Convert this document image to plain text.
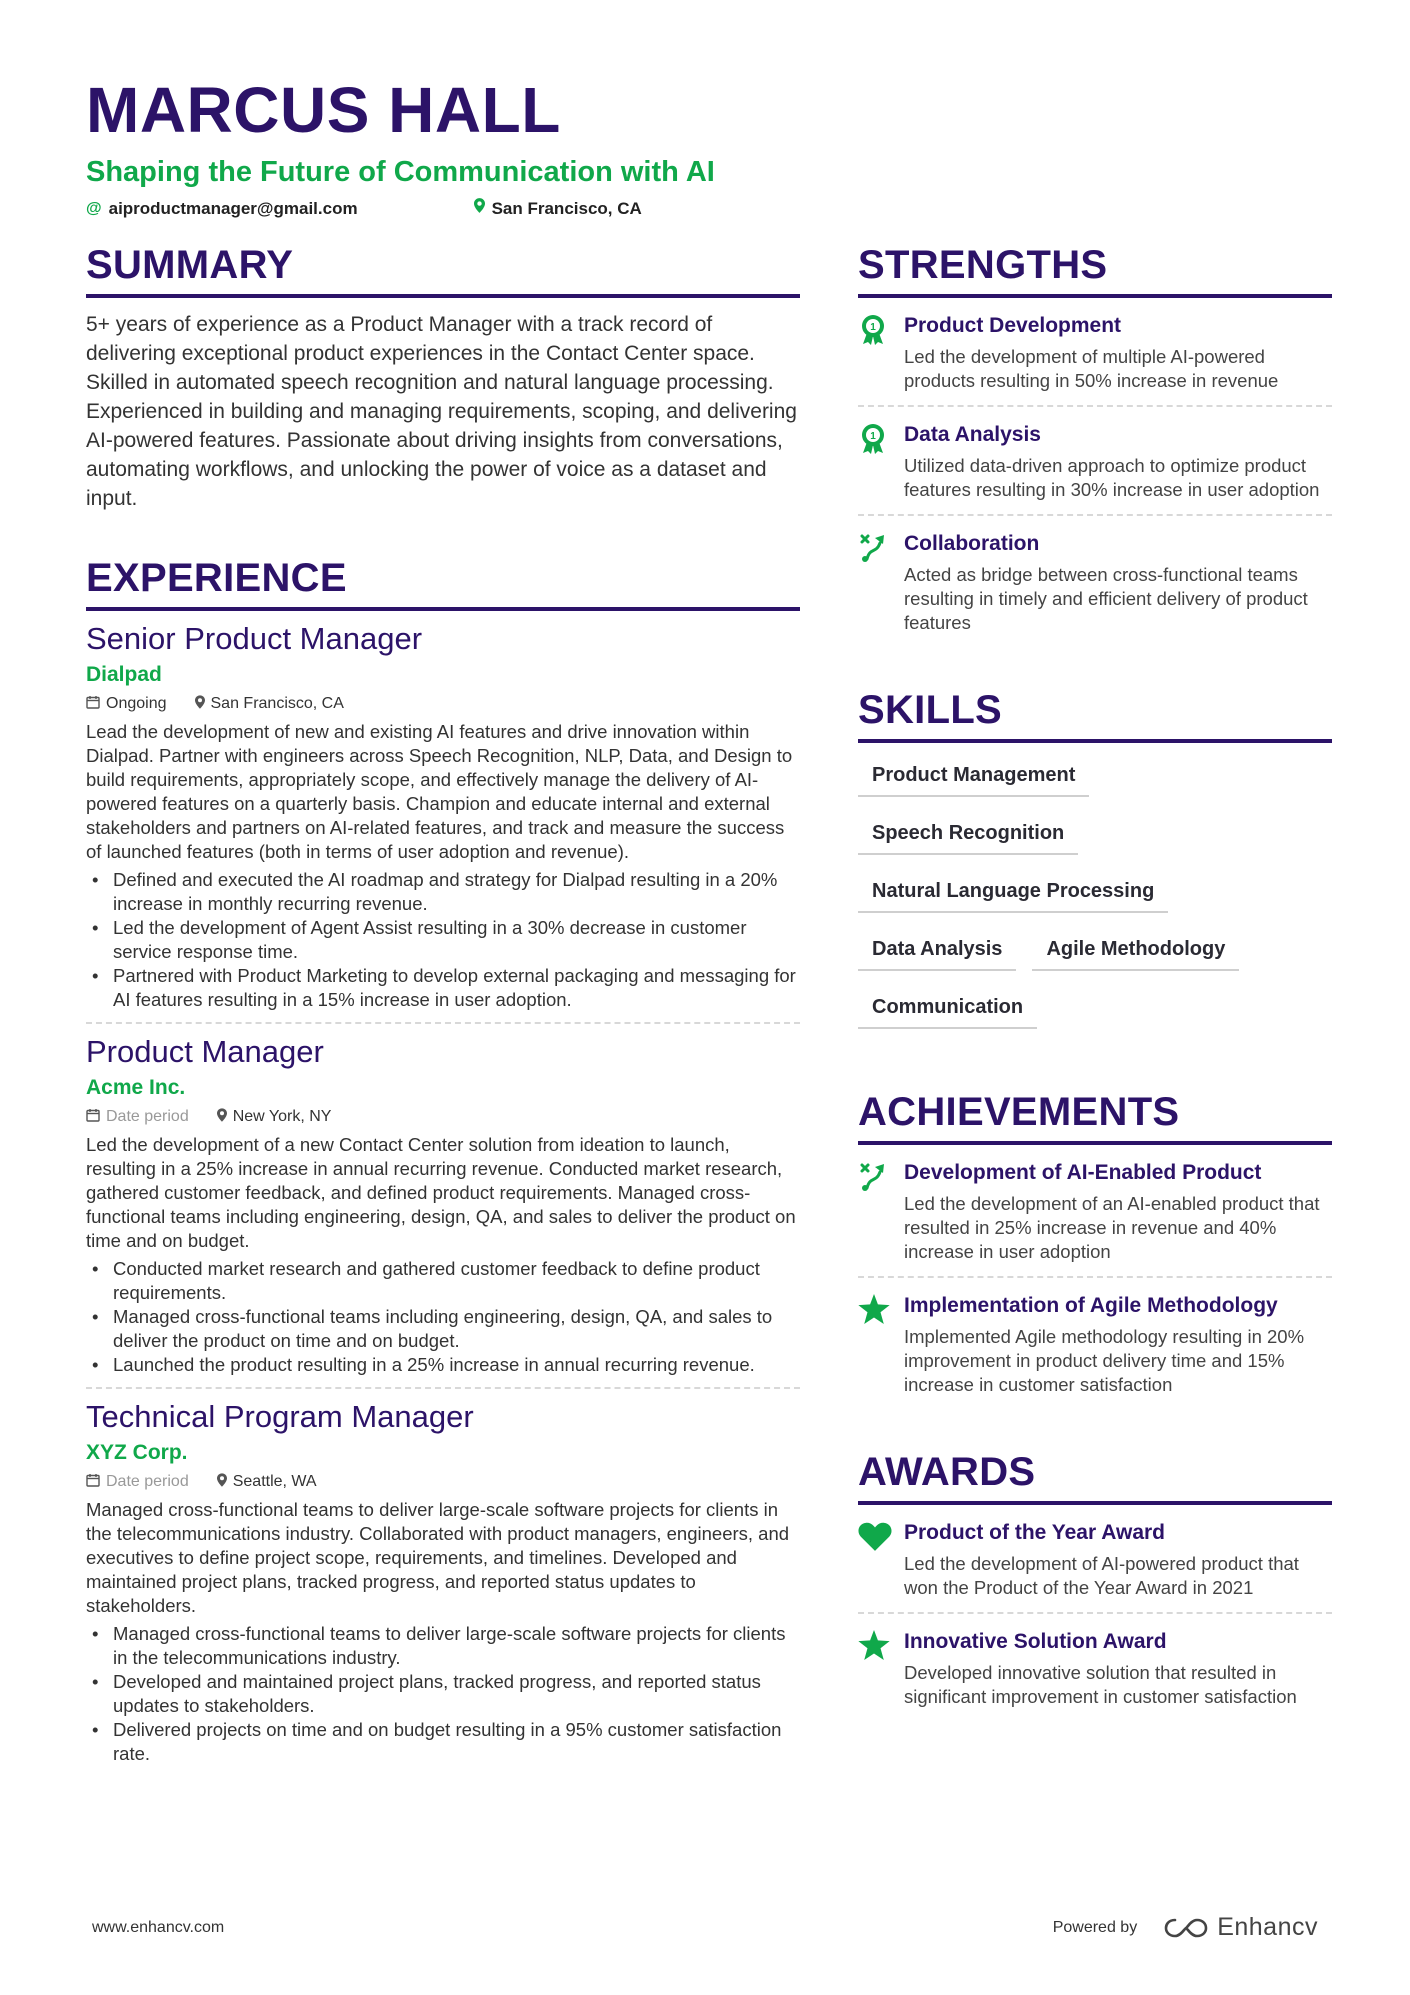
MARCUS HALL
Shaping the Future of Communication with AI
@ aiproductmanager@gmail.com	San Francisco, CA
SUMMARY
5+ years of experience as a Product Manager with a track record of delivering exceptional product experiences in the Contact Center space. Skilled in automated speech recognition and natural language processing. Experienced in building and managing requirements, scoping, and delivering AI-powered features. Passionate about driving insights from conversations, automating workflows, and unlocking the power of voice as a dataset and input.
EXPERIENCE
Senior Product Manager
Dialpad
Ongoing	San Francisco, CA
Lead the development of new and existing AI features and drive innovation within Dialpad. Partner with engineers across Speech Recognition, NLP, Data, and Design to build requirements, appropriately scope, and effectively manage the delivery of AI-powered features on a quarterly basis. Champion and educate internal and external stakeholders and partners on AI-related features, and track and measure the success of launched features (both in terms of user adoption and revenue).
• Defined and executed the AI roadmap and strategy for Dialpad resulting in a 20% increase in monthly recurring revenue.
• Led the development of Agent Assist resulting in a 30% decrease in customer service response time.
• Partnered with Product Marketing to develop external packaging and messaging for AI features resulting in a 15% increase in user adoption.
Product Manager
Acme Inc.
Date period	New York, NY
Led the development of a new Contact Center solution from ideation to launch, resulting in a 25% increase in annual recurring revenue. Conducted market research, gathered customer feedback, and defined product requirements. Managed cross-functional teams including engineering, design, QA, and sales to deliver the product on time and on budget.
• Conducted market research and gathered customer feedback to define product requirements.
• Managed cross-functional teams including engineering, design, QA, and sales to deliver the product on time and on budget.
• Launched the product resulting in a 25% increase in annual recurring revenue.
Technical Program Manager
XYZ Corp.
Date period	Seattle, WA
Managed cross-functional teams to deliver large-scale software projects for clients in the telecommunications industry. Collaborated with product managers, engineers, and executives to define project scope, requirements, and timelines. Developed and maintained project plans, tracked progress, and reported status updates to stakeholders.
• Managed cross-functional teams to deliver large-scale software projects for clients in the telecommunications industry.
• Developed and maintained project plans, tracked progress, and reported status updates to stakeholders.
• Delivered projects on time and on budget resulting in a 95% customer satisfaction rate.
STRENGTHS
1 Product Development
Led the development of multiple AI-powered products resulting in 50% increase in revenue
1 Data Analysis
Utilized data-driven approach to optimize product features resulting in 30% increase in user adoption
Collaboration
Acted as bridge between cross-functional teams resulting in timely and efficient delivery of product features
SKILLS
Product Management
Speech Recognition
Natural Language Processing
Data Analysis	Agile Methodology
Communication
ACHIEVEMENTS
Development of AI-Enabled Product
Led the development of an AI-enabled product that resulted in 25% increase in revenue and 40% increase in user adoption
Implementation of Agile Methodology
Implemented Agile methodology resulting in 20% improvement in product delivery time and 15% increase in customer satisfaction
AWARDS
Product of the Year Award
Led the development of AI-powered product that won the Product of the Year Award in 2021
Innovative Solution Award
Developed innovative solution that resulted in significant improvement in customer satisfaction
www.enhancv.com	Powered by	Enhancv
